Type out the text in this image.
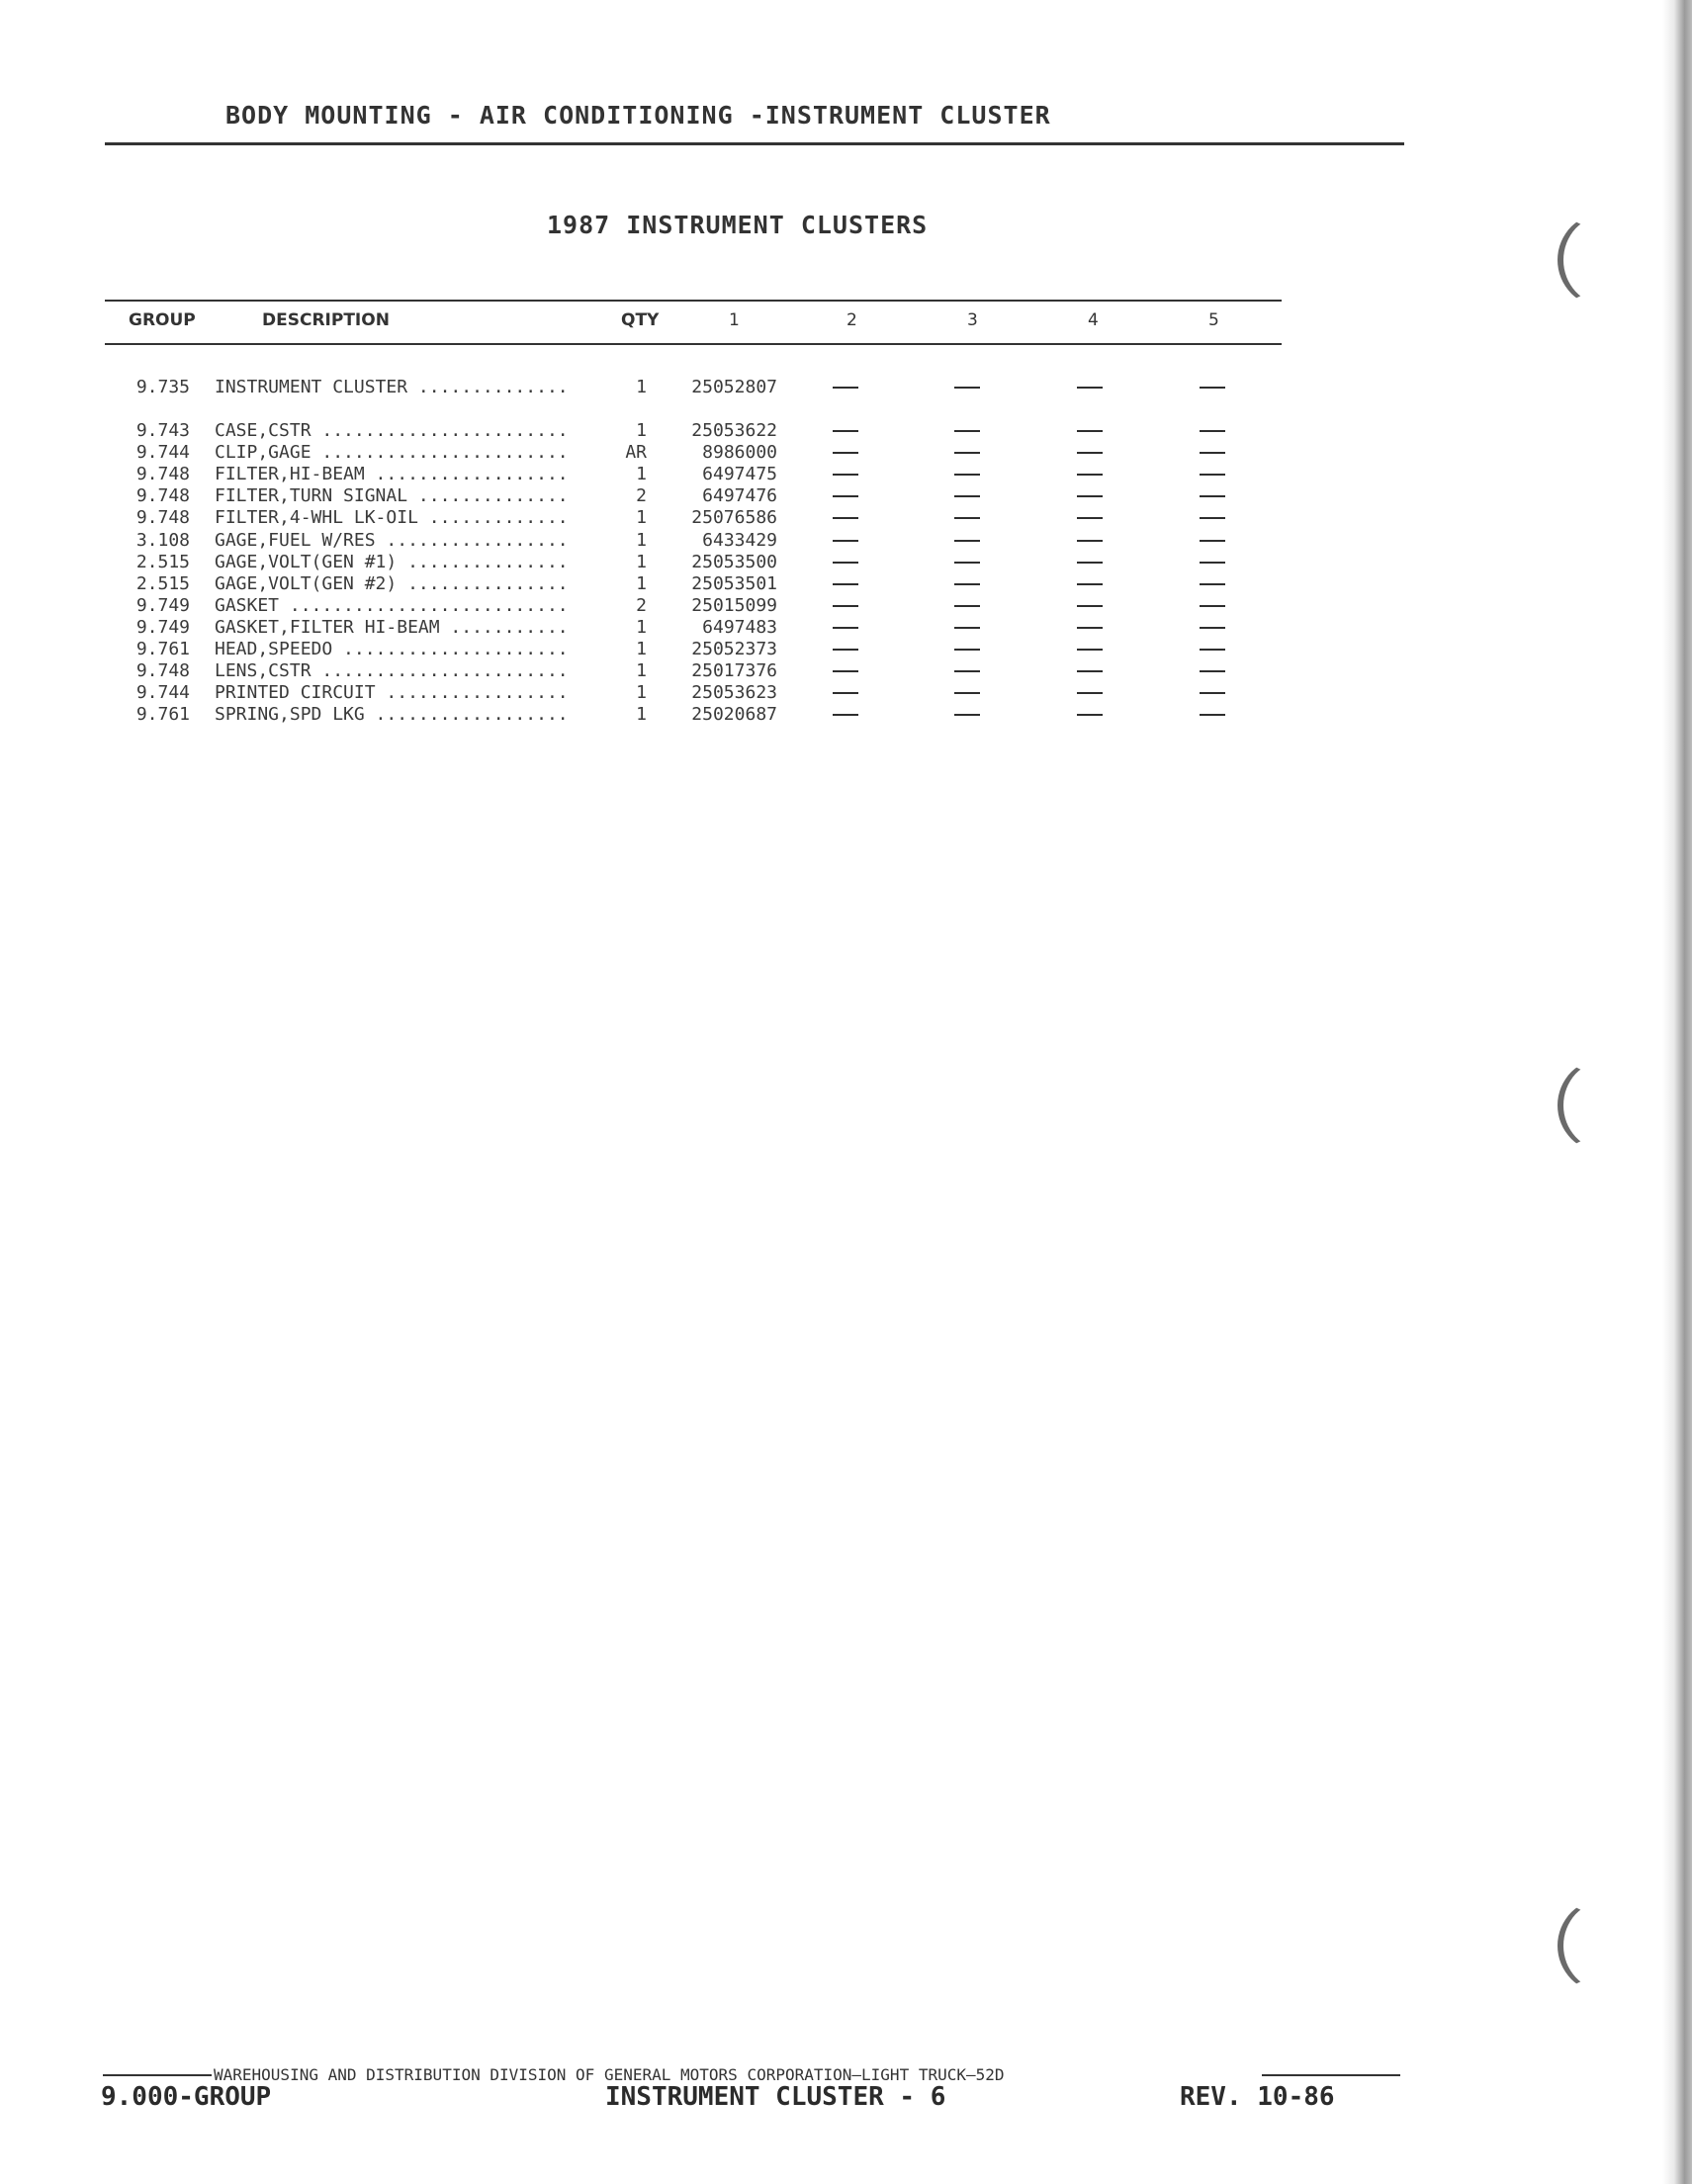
BODY MOUNTING - AIR CONDITIONING -INSTRUMENT CLUSTER
1987 INSTRUMENT CLUSTERS
GROUP	DESCRIPTION	QTY	1	2	3	4	5
9.735 INSTRUMENT CLUSTER ..............	1	25052807
9.743 CASE,CSTR .......................	1	25053622
9.744 CLIP,GAGE .......................	AR	8986000
9.748 FILTER,HI-BEAM ..................	1	6497475
9.748 FILTER,TURN SIGNAL ..............	2	6497476
9.748 FILTER,4-WHL LK-OIL .............	1	25076586
3.108 GAGE,FUEL W/RES .................	1	6433429
2.515 GAGE,VOLT(GEN #1) ...............	1	25053500
2.515 GAGE,VOLT(GEN #2) ...............	1	25053501
9.749 GASKET ..........................	2	25015099
9.749 GASKET,FILTER HI-BEAM ...........	1	6497483
9.761 HEAD,SPEEDO .....................	1	25052373
9.748 LENS,CSTR .......................	1	25017376
9.744 PRINTED CIRCUIT .................	1	25053623
9.761 SPRING,SPD LKG ..................	1	25020687
WAREHOUSING AND DISTRIBUTION DIVISION OF GENERAL MOTORS CORPORATION—LIGHT TRUCK—52D
9.000-GROUP	INSTRUMENT CLUSTER - 6	REV. 10-86
